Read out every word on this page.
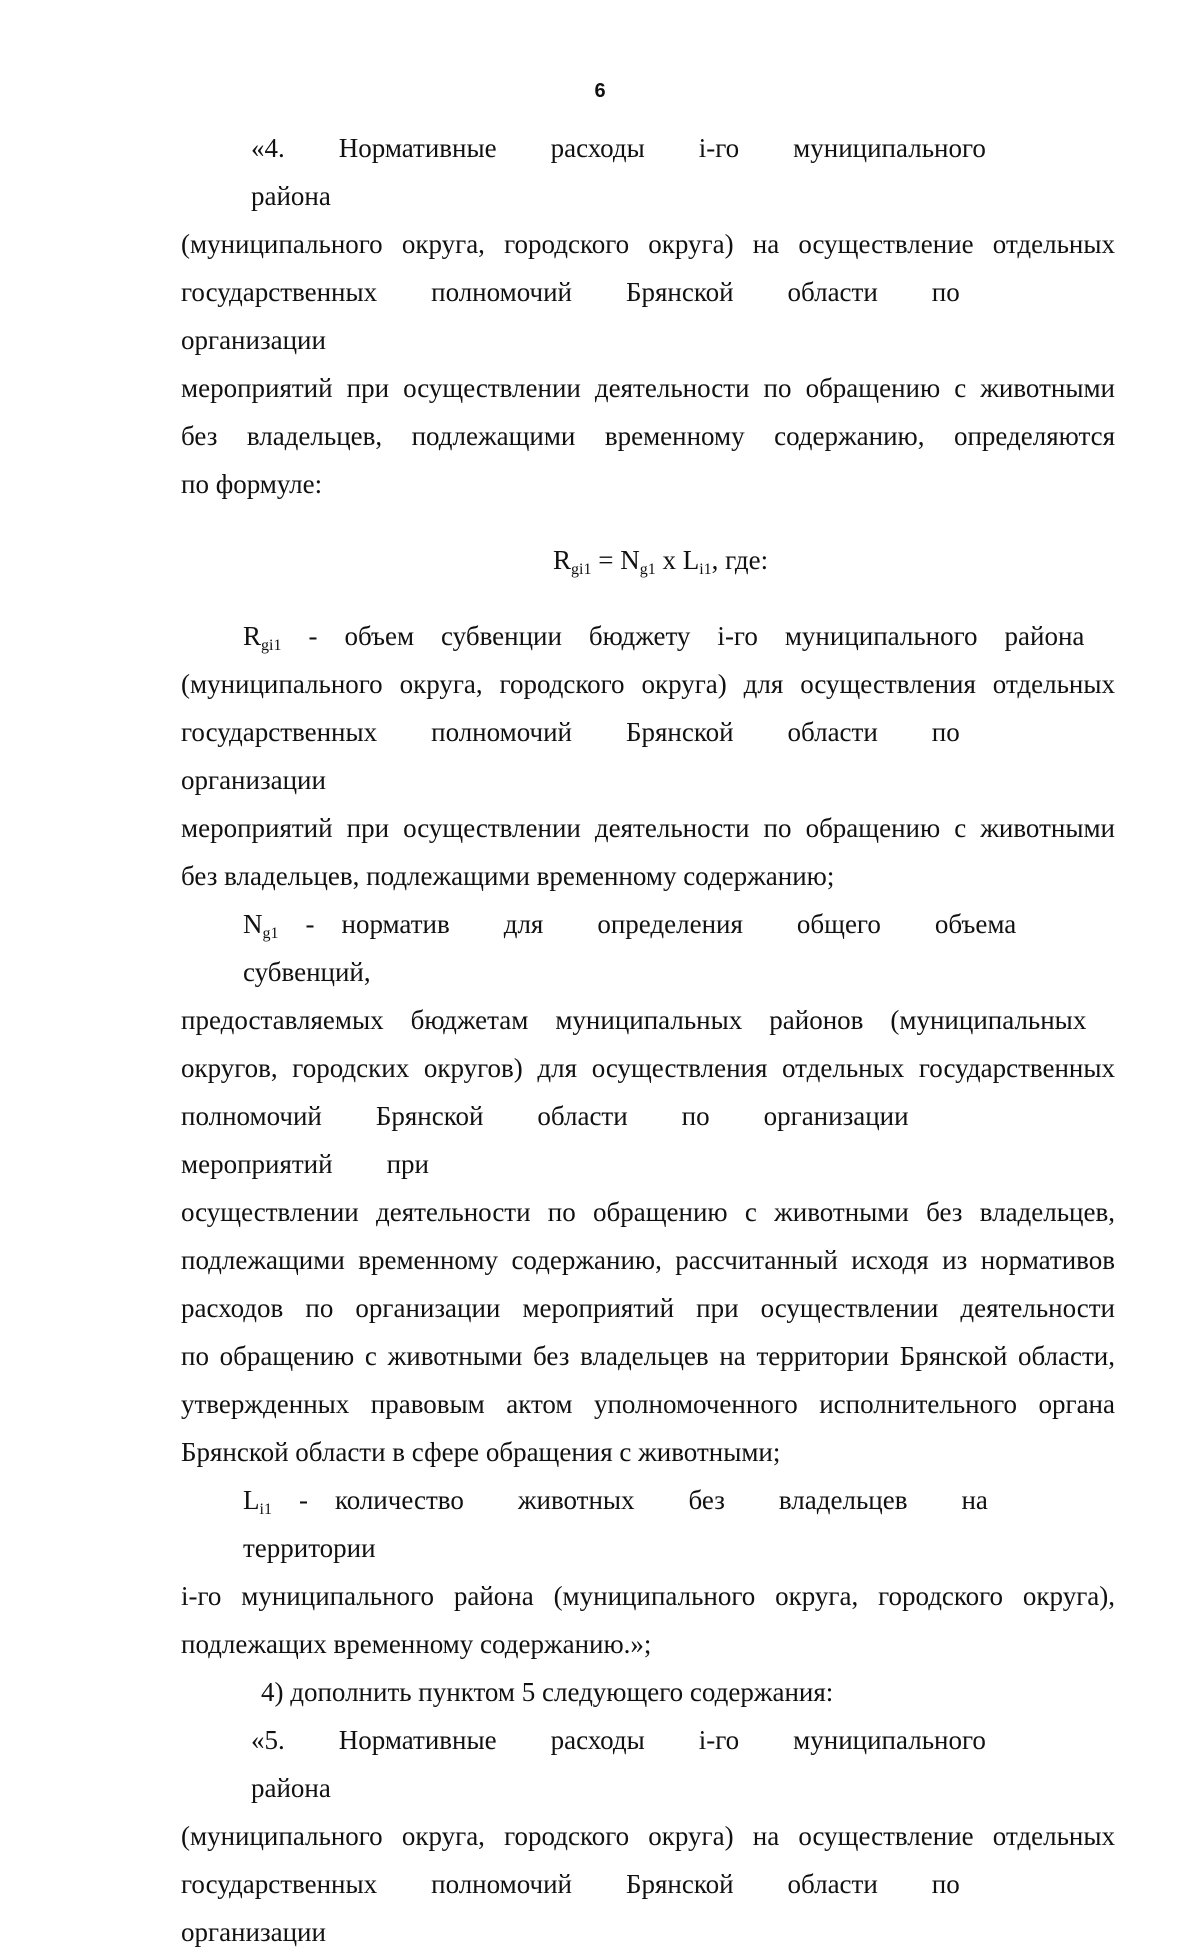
6
«4.  Нормативные  расходы  i-го  муниципального  района
(муниципального округа, городского округа) на осуществление отдельных
государственных  полномочий  Брянской  области  по  организации
мероприятий при осуществлении деятельности по обращению с животными
без владельцев, подлежащими временному содержанию, определяются
по формуле:
$R_{gi1} = N_{g1}$ x $L_{i1}$, где:
$R_{gi1}$ - объем субвенции бюджету i-го муниципального района
(муниципального округа, городского округа) для осуществления отдельных
государственных  полномочий  Брянской  области  по  организации
мероприятий при осуществлении деятельности по обращению с животными
без владельцев, подлежащими временному содержанию;
$N_{g1}$ - норматив  для  определения  общего  объема  субвенций,
предоставляемых бюджетам муниципальных районов (муниципальных
округов, городских округов) для осуществления отдельных государственных
полномочий  Брянской  области  по  организации  мероприятий  при
осуществлении деятельности по обращению с животными без владельцев,
подлежащими временному содержанию, рассчитанный исходя из нормативов
расходов по организации мероприятий при осуществлении деятельности
по обращению с животными без владельцев на территории Брянской области,
утвержденных правовым актом уполномоченного исполнительного органа
Брянской области в сфере обращения с животными;
$L_{i1}$ - количество  животных  без  владельцев  на  территории
i-го муниципального района (муниципального округа, городского округа),
подлежащих временному содержанию.»;
4) дополнить пунктом 5 следующего содержания:
«5.  Нормативные  расходы  i-го  муниципального  района
(муниципального округа, городского округа) на осуществление отдельных
государственных  полномочий  Брянской  области  по  организации
